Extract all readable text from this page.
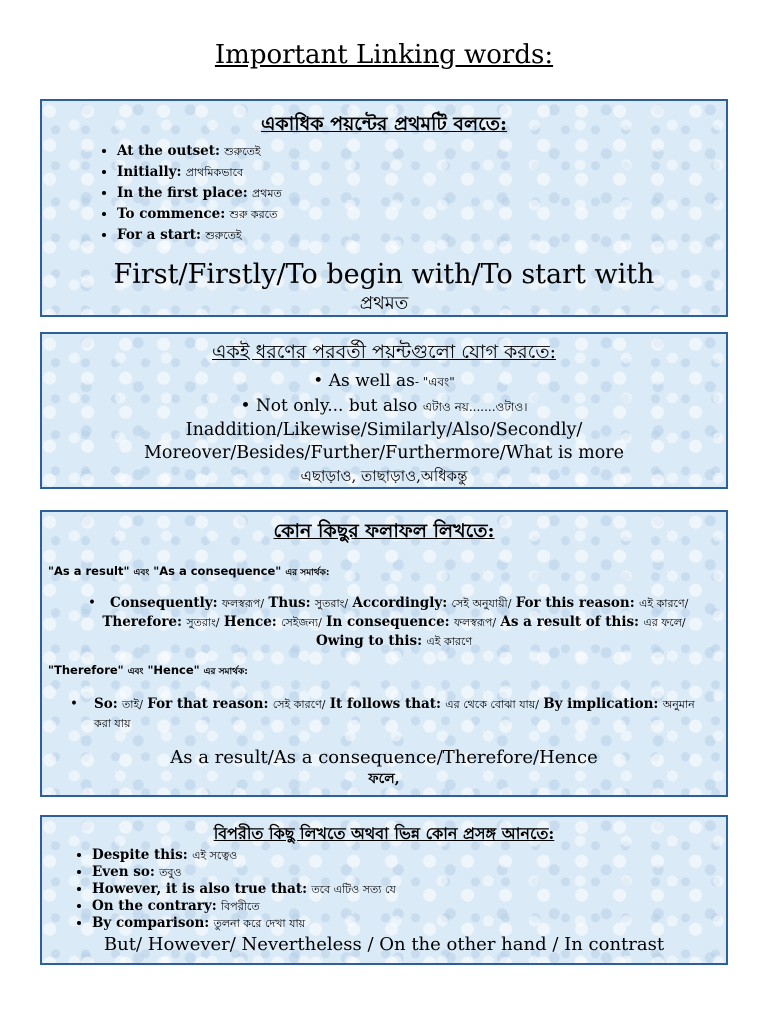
Important Linking words:
একাধিক পয়ন্টের প্রথমটি বলতে:
• At the outset: শুরুতেই
• Initially: প্রাথমিকভাবে
• In the first place: প্রথমত
• To commence: শুরু করতে
• For a start: শুরুতেই
First/Firstly/To begin with/To start with
প্রথমত
একই ধরণের পরবর্তী পয়ন্টগুলো যোগ করতে:
• As well as- "এবং"
• Not only... but also এটাও নয়.......ওটাও।
Inaddition/Likewise/Similarly/Also/Secondly/
Moreover/Besides/Further/Furthermore/What is more
এছাড়াও, তাছাড়াও,অধিকন্তু
কোন কিছুর ফলাফল লিখতে:
"As a result" এবং "As a consequence" এর সমার্থক:
•	Consequently: ফলস্বরূপ/ Thus: সুতরাং/ Accordingly: সেই অনুযায়ী/ For this reason: এই কারণে/
Therefore: সুতরাং/ Hence: সেইজন্য/ In consequence: ফলস্বরূপ/ As a result of this: এর ফলে/
Owing to this: এই কারণে
"Therefore" এবং "Hence" এর সমার্থক:
•	So: তাই/ For that reason: সেই কারণে/ It follows that: এর থেকে বোঝা যায়/ By implication: অনুমান
করা যায়
As a result/As a consequence/Therefore/Hence
ফলে,
বিপরীত কিছু লিখতে অথবা ভিন্ন কোন প্রসঙ্গ আনতে:
• Despite this: এই সত্বেও
• Even so: তবুও
• However, it is also true that: তবে এটিও সত্য যে
• On the contrary: বিপরীতে
• By comparison: তুলনা করে দেখা যায়
But/ However/ Nevertheless / On the other hand / In contrast
